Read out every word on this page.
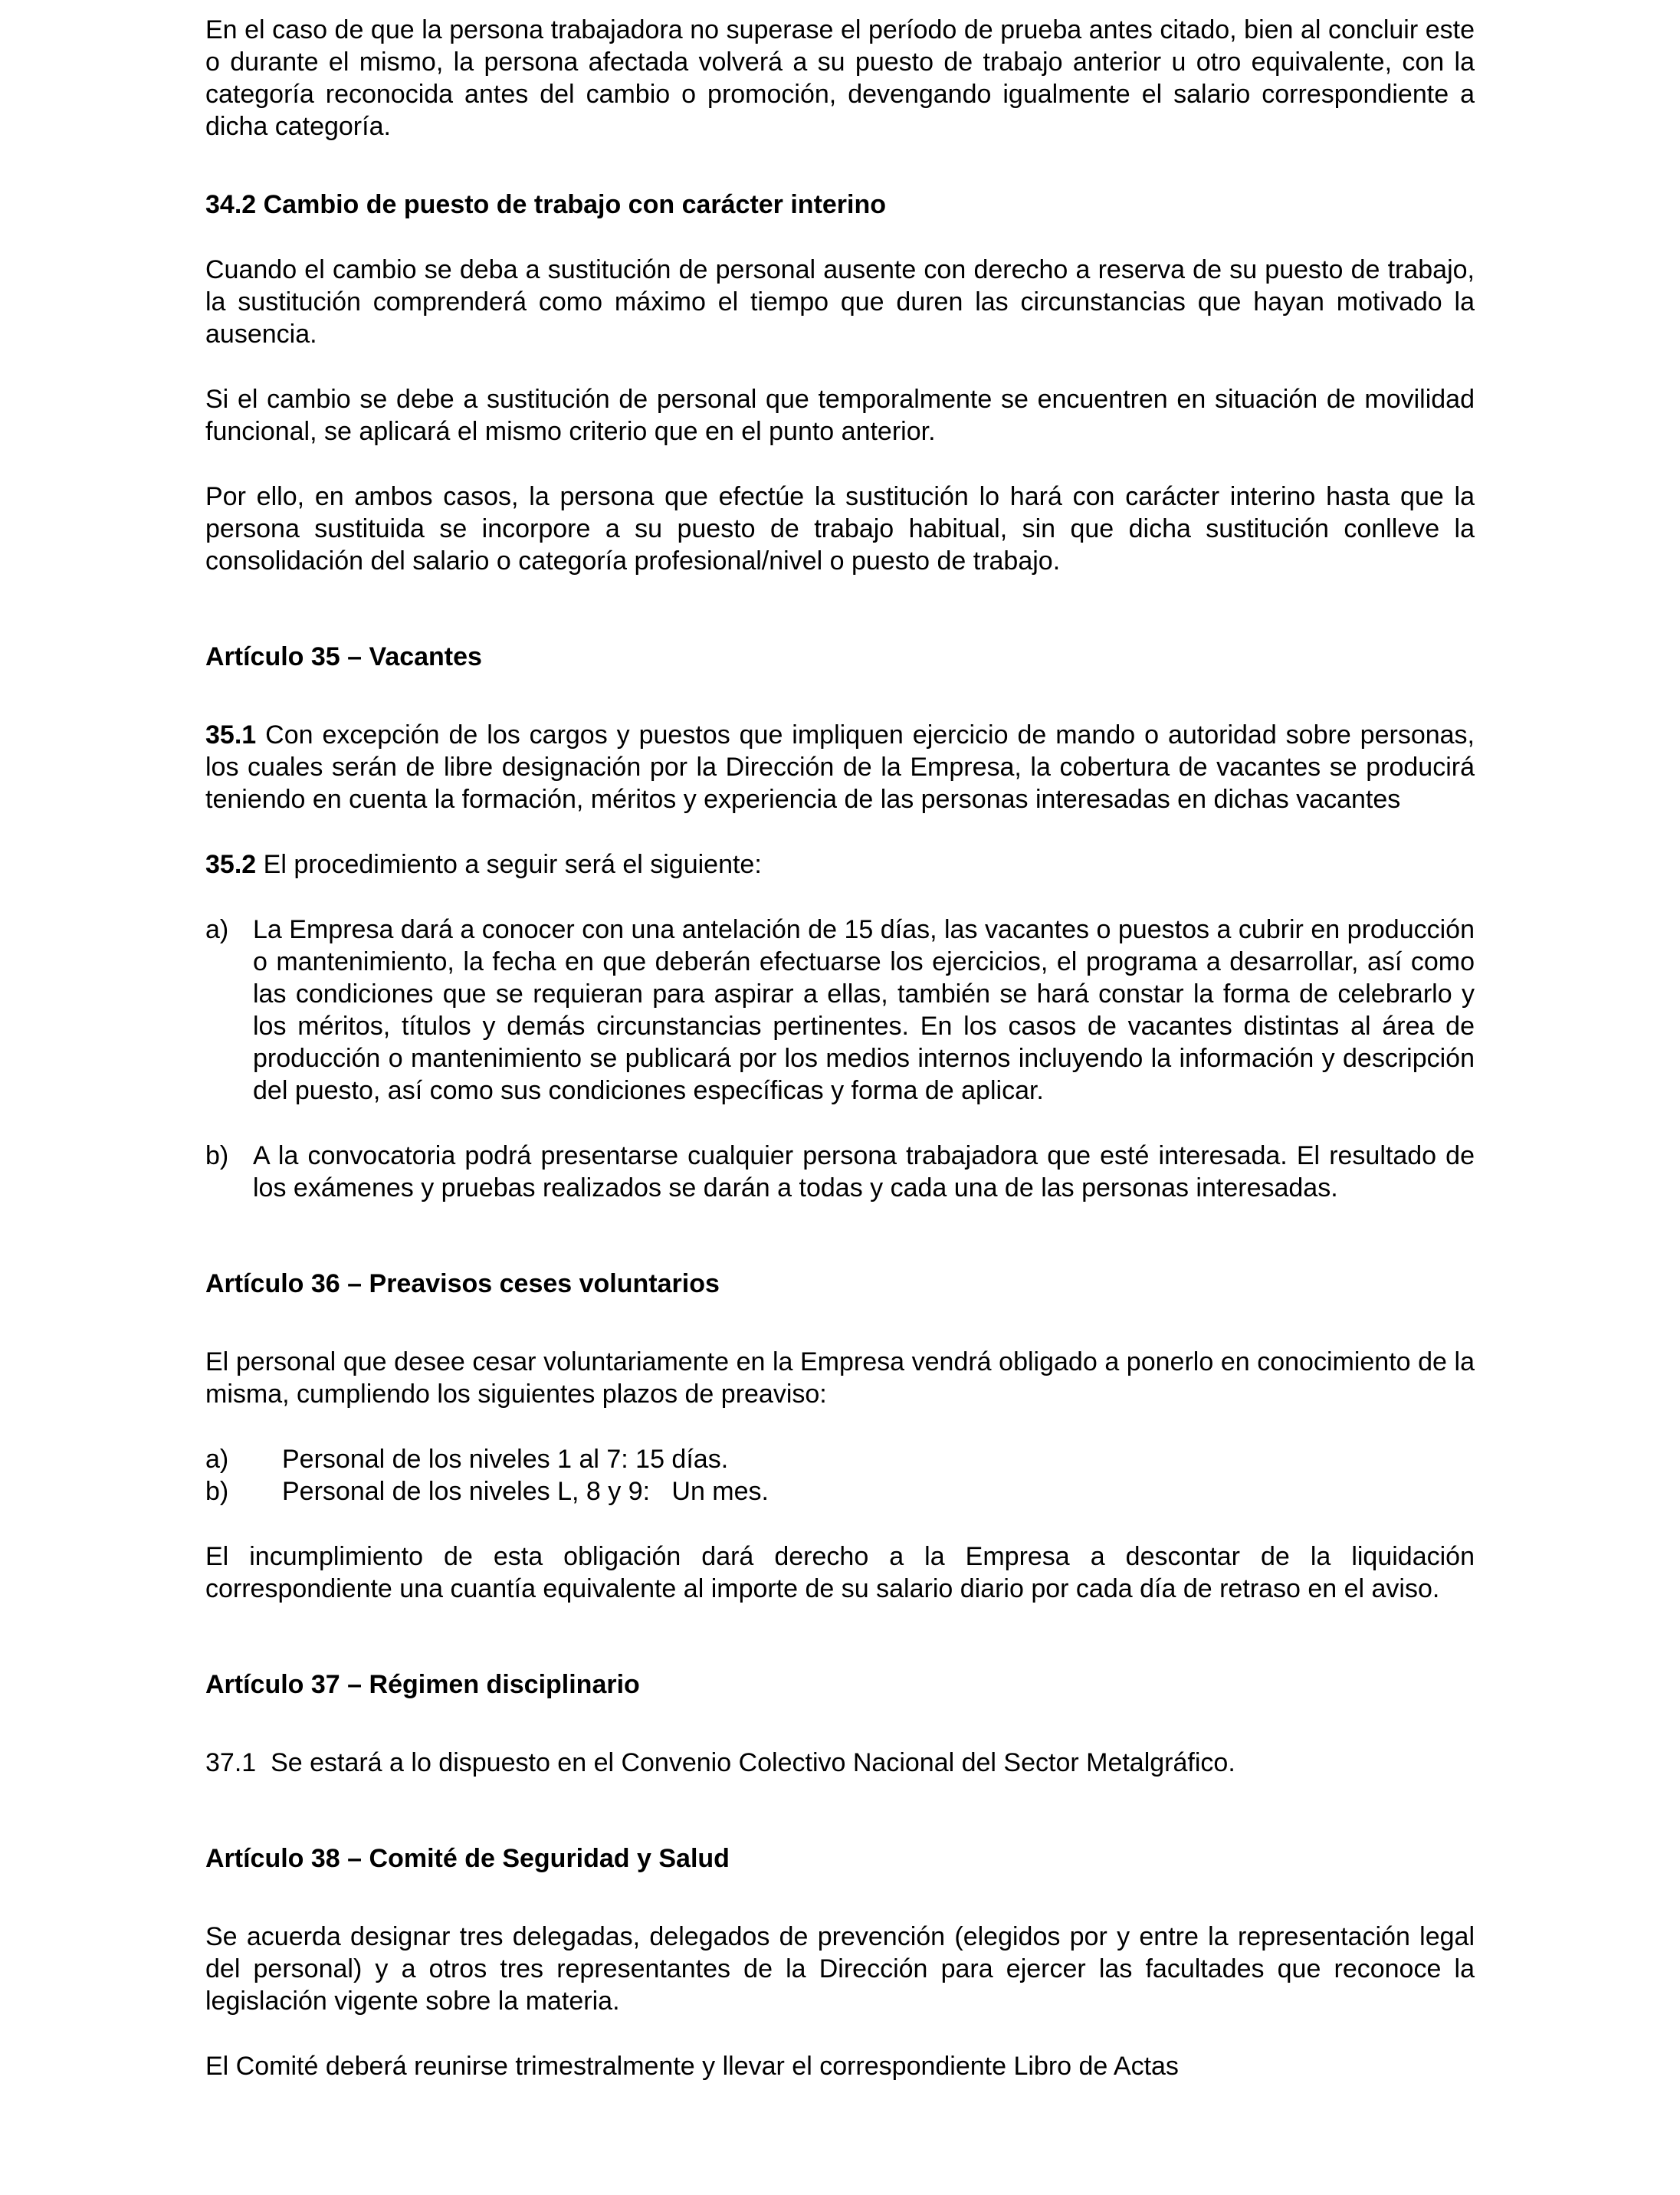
En el caso de que la persona trabajadora no superase el período de prueba antes citado, bien al concluir este o durante el mismo, la persona afectada volverá a su puesto de trabajo anterior u otro equivalente, con la categoría reconocida antes del cambio o promoción, devengando igualmente el salario correspondiente a dicha categoría.

34.2 Cambio de puesto de trabajo con carácter interino

Cuando el cambio se deba a sustitución de personal ausente con derecho a reserva de su puesto de trabajo, la sustitución comprenderá como máximo el tiempo que duren las circunstancias que hayan motivado la ausencia.

Si el cambio se debe a sustitución de personal que temporalmente se encuentren en situación de movilidad funcional, se aplicará el mismo criterio que en el punto anterior.

Por ello, en ambos casos, la persona que efectúe la sustitución lo hará con carácter interino hasta que la persona sustituida se incorpore a su puesto de trabajo habitual, sin que dicha sustitución conlleve la consolidación del salario o categoría profesional/nivel o puesto de trabajo.

Artículo 35 – Vacantes

35.1 Con excepción de los cargos y puestos que impliquen ejercicio de mando o autoridad sobre personas, los cuales serán de libre designación por la Dirección de la Empresa, la cobertura de vacantes se producirá teniendo en cuenta la formación, méritos y experiencia de las personas interesadas en dichas vacantes

35.2 El procedimiento a seguir será el siguiente:

a) La Empresa dará a conocer con una antelación de 15 días, las vacantes o puestos a cubrir en producción o mantenimiento, la fecha en que deberán efectuarse los ejercicios, el programa a desarrollar, así como las condiciones que se requieran para aspirar a ellas, también se hará constar la forma de celebrarlo y los méritos, títulos y demás circunstancias pertinentes. En los casos de vacantes distintas al área de producción o mantenimiento se publicará por los medios internos incluyendo la información y descripción del puesto, así como sus condiciones específicas y forma de aplicar.
b) A la convocatoria podrá presentarse cualquier persona trabajadora que esté interesada. El resultado de los exámenes y pruebas realizados se darán a todas y cada una de las personas interesadas.

Artículo 36 – Preavisos ceses voluntarios

El personal que desee cesar voluntariamente en la Empresa vendrá obligado a ponerlo en conocimiento de la misma, cumpliendo los siguientes plazos de preaviso:

a)	Personal de los niveles 1 al 7: 15 días.
b)	Personal de los niveles L, 8 y 9:   Un mes.

El incumplimiento de esta obligación dará derecho a la Empresa a descontar de la liquidación correspondiente una cuantía equivalente al importe de su salario diario por cada día de retraso en el aviso.

Artículo 37 – Régimen disciplinario

37.1  Se estará a lo dispuesto en el Convenio Colectivo Nacional del Sector Metalgráfico.

Artículo 38 – Comité de Seguridad y Salud

Se acuerda designar tres delegadas, delegados de prevención (elegidos por y entre la representación legal del personal) y a otros tres representantes de la Dirección para ejercer las facultades que reconoce la legislación vigente sobre la materia.

El Comité deberá reunirse trimestralmente y llevar el correspondiente Libro de Actas
